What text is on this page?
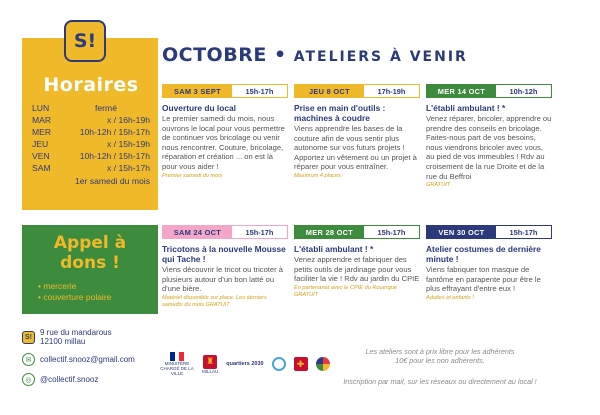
Horaires
LUN	fermé
MAR	x / 16h-19h
MER	10h-12h / 15h-17h
JEU	x / 15h-19h
VEN	10h-12h / 15h-17h
SAM	x / 15h-17h
1er samedi du mois
S!
Appel à dons !
• mercerie
• couverture polaire
S!	9 rue du mandarous
12100 millau
✉	collectif.snooz@gmail.com
◎	@collectif.snooz
OCTOBRE • ATELIERS À VENIR
SAM 3 SEPT	15h-17h
Ouverture du local
Le premier samedi du mois, nous ouvrons le local pour vous permettre de continuer vos bricolage ou venir nous rencontrer. Couture, bricolage, réparation et création ... on est là pour vous aider !
Premier samedi du mois
JEU 8 OCT	17h-19h
Prise en main d'outils : machines à coudre
Viens apprendre les bases de la couture afin de vous sentir plus autonome sur vos futurs projets ! Apportez un vêtement ou un projet à réparer pour vous entraîner.
Maximum 4 places
MER 14 OCT	10h-12h
L'établi ambulant ! *
Venez réparer, bricoler, apprendre ou prendre des conseils en bricolage. Faites-nous part de vos besoins, nous viendrons bricoler avec vous, au pied de vos immeubles ! Rdv au croisement de la rue Droite et de la rue du Beffroi
GRATUIT
SAM 24 OCT	15h-17h
Tricotons à la nouvelle Mousse qui Tache !
Viens découvrir le tricot ou tricoter à plusieurs autour d'un bon latté ou d'une bière.
Matériel disponible sur place. Les derniers samedis du mois GRATUIT
MER 28 OCT	15h-17h
L'établi ambulant ! *
Venez apprendre et fabriquer des petits outils de jardinage pour vous faciliter la vie ! Rdv au jardin du CPIE
En partenariat avec le CPIE du Rouergue GRATUIT
VEN 30 OCT	15h-17h
Atelier costumes de dernière minute !
Viens fabriquer ton masque de fantôme en parapente pour être le plus effrayant d'entre eux !
Adultes et enfants !
Les ateliers sont à prix libre pour les adhérents
10€ pour les non adhérents.
Inscription par mail, sur les réseaux ou directement au local !
MINISTÈRE CHARGÉ DE LA VILLE
♜
MILLAU
quartiers 2030	✚
